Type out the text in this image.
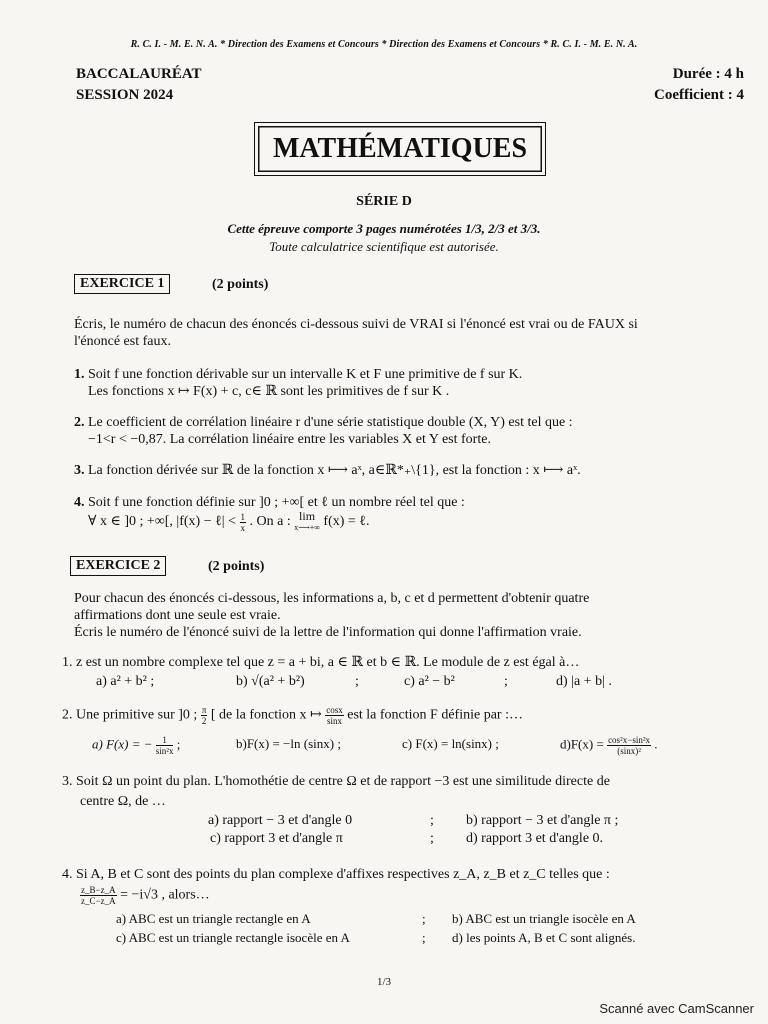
R. C. I. - M. E. N. A. * Direction des Examens et Concours * Direction des Examens et Concours * R. C. I. - M. E. N. A.
BACCALAURÉAT
SESSION 2024
Durée : 4 h
Coefficient : 4
MATHÉMATIQUES
SÉRIE D
Cette épreuve comporte 3 pages numérotées 1/3, 2/3 et 3/3.
Toute calculatrice scientifique est autorisée.
EXERCICE 1	(2 points)
Écris, le numéro de chacun des énoncés ci-dessous suivi de VRAI si l'énoncé est vrai ou de FAUX si
l'énoncé est faux.
1. Soit f une fonction dérivable sur un intervalle K et F une primitive de f sur K.
Les fonctions x ↦ F(x) + c, c∈ ℝ sont les primitives de f sur K .
2. Le coefficient de corrélation linéaire r d'une série statistique double (X, Y) est tel que :
−1<r < −0,87. La corrélation linéaire entre les variables X et Y est forte.
3. La fonction dérivée sur ℝ de la fonction x ⟼ aˣ, a∈ℝ*₊\{1}, est la fonction : x ⟼ aˣ.
4. Soit f une fonction définie sur ]0 ; +∞[ et ℓ un nombre réel tel que :
∀ x ∈ ]0 ; +∞[, |f(x) − ℓ| < $\frac{1}{x}$ . On a : lim
x⟶+∞ f(x) = ℓ.
EXERCICE 2	(2 points)
Pour chacun des énoncés ci-dessous, les informations a, b, c et d permettent d'obtenir quatre
affirmations dont une seule est vraie.
Écris le numéro de l'énoncé suivi de la lettre de l'information qui donne l'affirmation vraie.
1. z est un nombre complexe tel que z = a + bi, a ∈ ℝ et b ∈ ℝ. Le module de z est égal à…
a) a² + b² ;	b) √(a² + b²)	;	c) a² − b²	;	d) |a + b| .
2. Une primitive sur ]0 ; $\frac{\pi}{2}$ [ de la fonction x ↦ $\frac{\cos x}{\sin x}$ est la fonction F définie par :…
a) F(x) = − $\frac{1}{\text{sin²x}}$ ;	b)F(x) = −ln (sinx) ;	c) F(x) = ln(sinx) ;	$d)F(x) = \frac{\text{cos²x−sin²x}}{\text{(sinx)²}}$ .
3. Soit Ω un point du plan. L'homothétie de centre Ω et de rapport −3 est une similitude directe de
centre Ω, de …
a) rapport − 3 et d'angle 0	; b) rapport − 3 et d'angle π ;
c) rapport 3 et d'angle π	; d) rapport 3 et d'angle 0.
4. Si A, B et C sont des points du plan complexe d'affixes respectives z_A, z_B et z_C telles que :
$\frac{z\_B-z\_A}{z\_C-z\_A} = -i√3$ , alors…
a) ABC est un triangle rectangle en A	; b) ABC est un triangle isocèle en A
c) ABC est un triangle rectangle isocèle en A	; d) les points A, B et C sont alignés.
1/3
Scanné avec CamScanner
